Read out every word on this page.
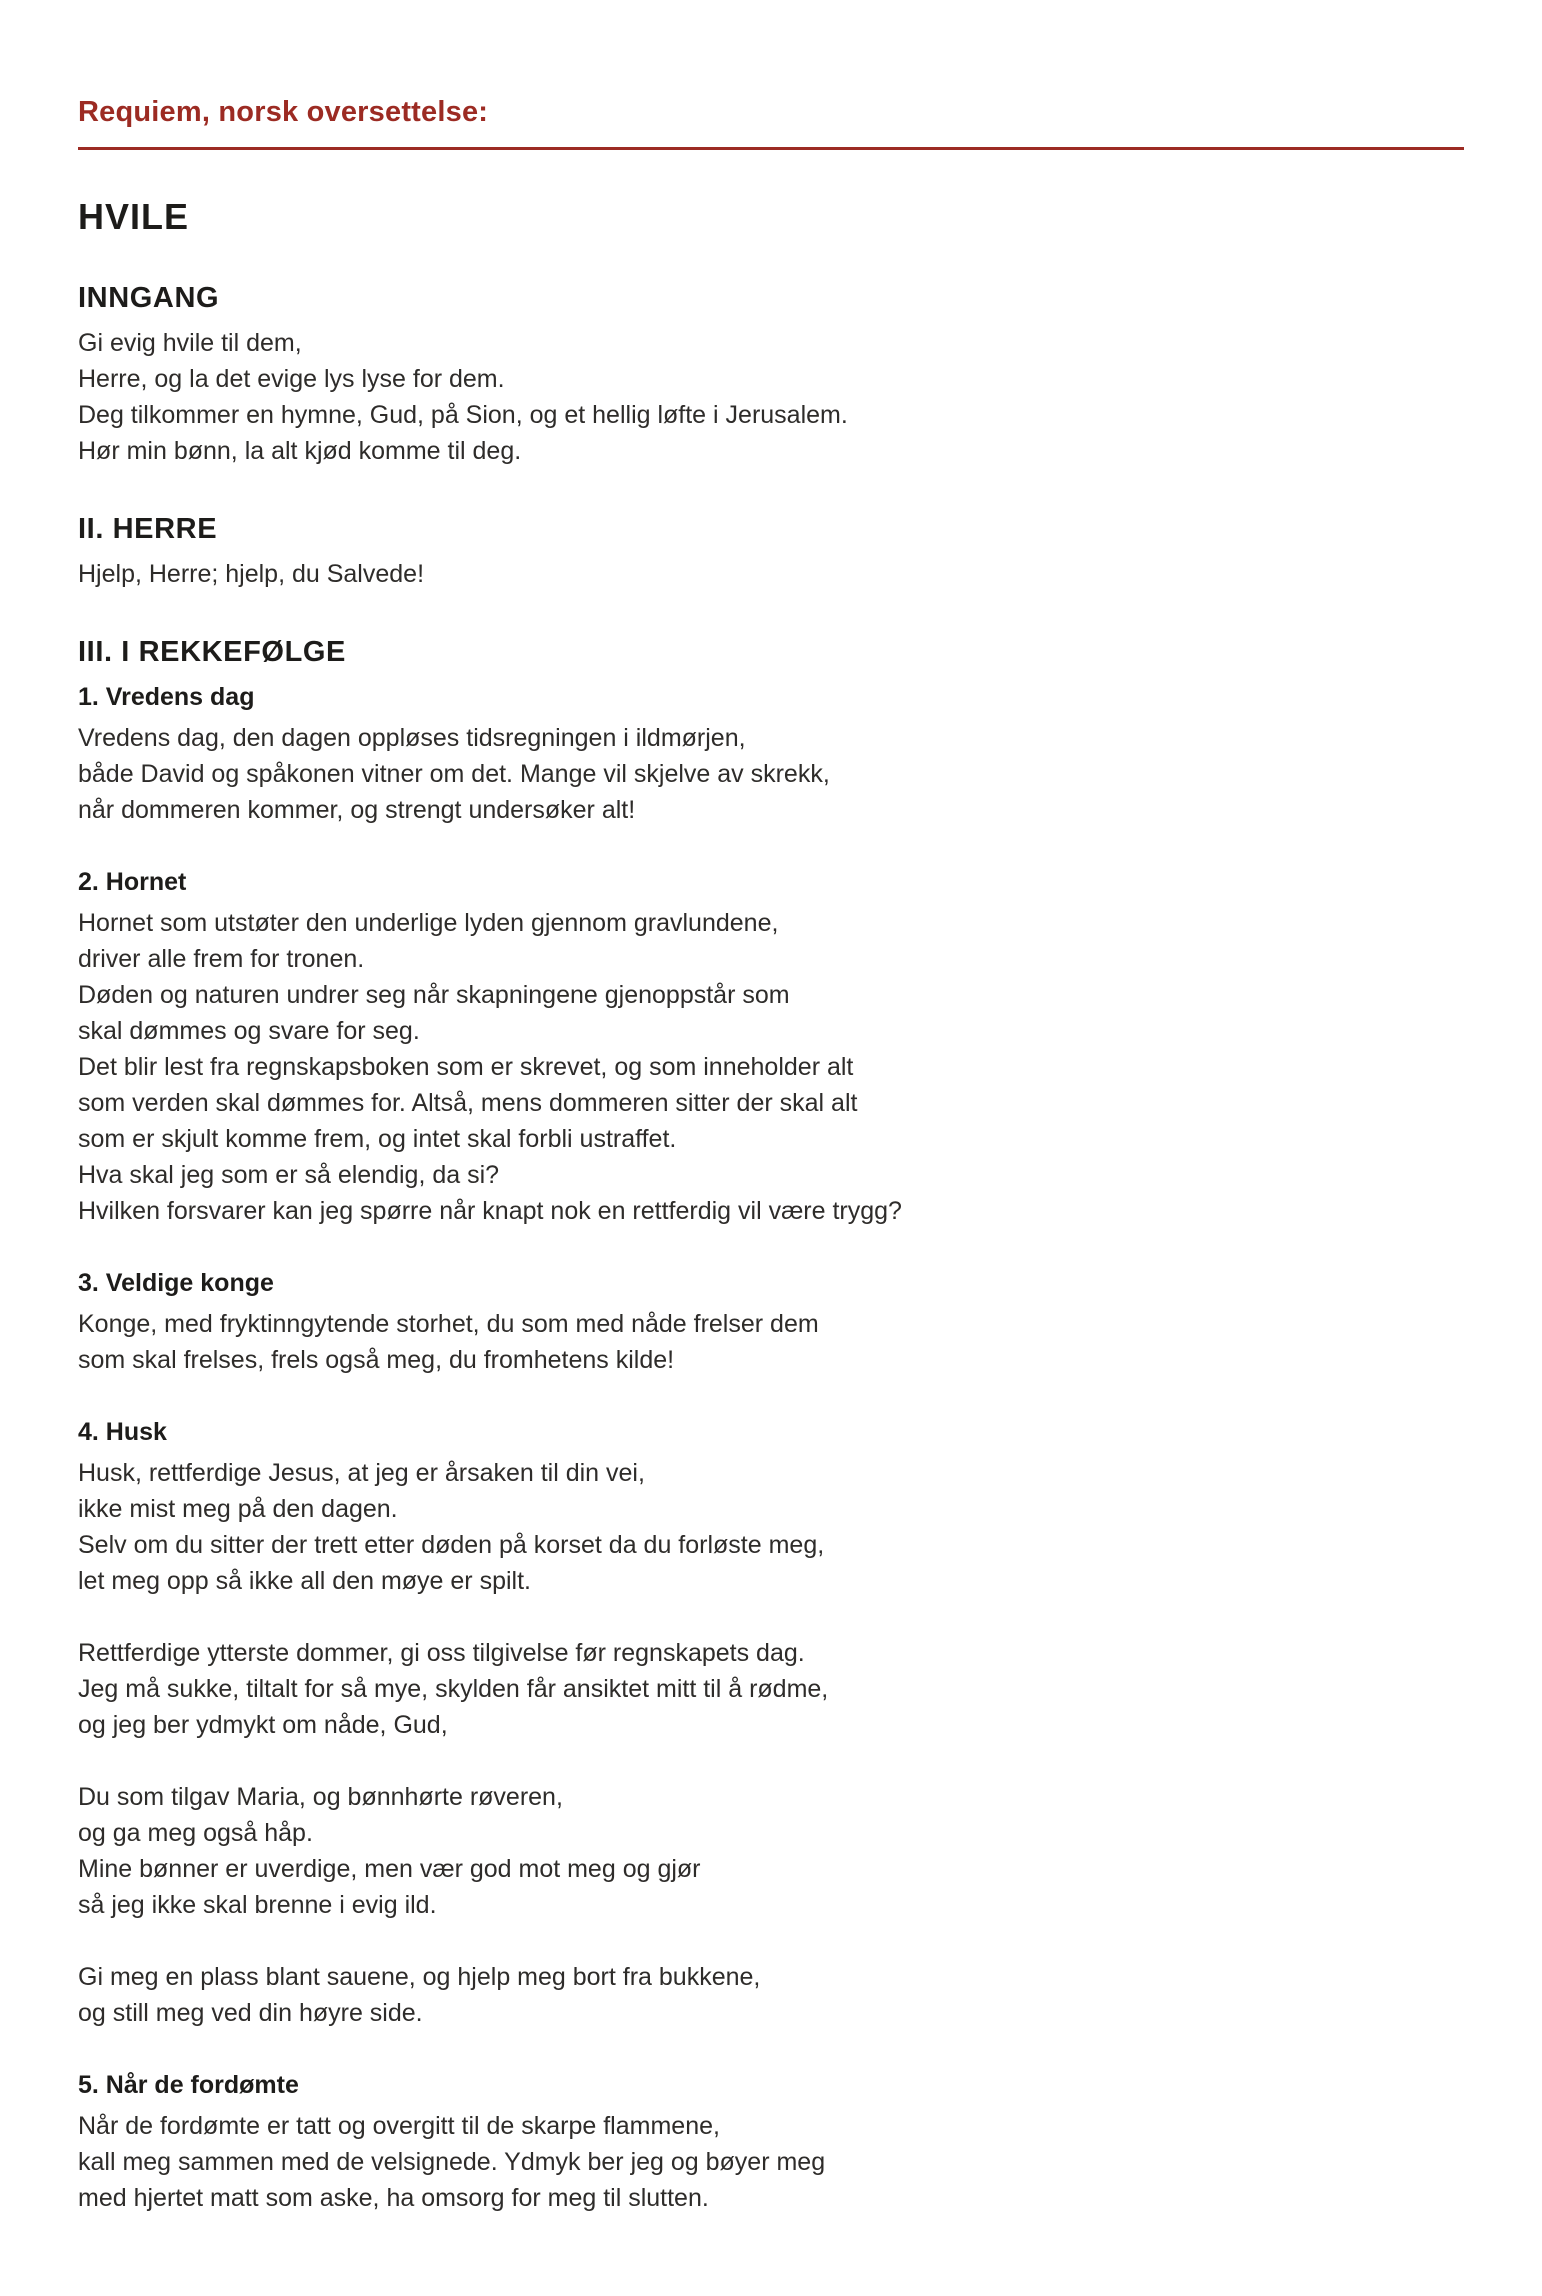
Requiem, norsk oversettelse:
HVILE
INNGANG
Gi evig hvile til dem,
Herre, og la det evige lys lyse for dem.
Deg tilkommer en hymne, Gud, på Sion, og et hellig løfte i Jerusalem.
Hør min bønn, la alt kjød komme til deg.
II. HERRE
Hjelp, Herre; hjelp, du Salvede!
III. I REKKEFØLGE
1. Vredens dag
Vredens dag, den dagen oppløses tidsregningen i ildmørjen,
både David og spåkonen vitner om det. Mange vil skjelve av skrekk,
når dommeren kommer, og strengt undersøker alt!
2. Hornet
Hornet som utstøter den underlige lyden gjennom gravlundene,
driver alle frem for tronen.
Døden og naturen undrer seg når skapningene gjenoppstår som
skal dømmes og svare for seg.
Det blir lest fra regnskapsboken som er skrevet, og som inneholder alt
som verden skal dømmes for. Altså, mens dommeren sitter der skal alt
som er skjult komme frem, og intet skal forbli ustraffet.
Hva skal jeg som er så elendig, da si?
Hvilken forsvarer kan jeg spørre når knapt nok en rettferdig vil være trygg?
3. Veldige konge
Konge, med fryktinngytende storhet, du som med nåde frelser dem
som skal frelses, frels også meg, du fromhetens kilde!
4. Husk
Husk, rettferdige Jesus, at jeg er årsaken til din vei,
ikke mist meg på den dagen.
Selv om du sitter der trett etter døden på korset da du forløste meg,
let meg opp så ikke all den møye er spilt.
Rettferdige ytterste dommer, gi oss tilgivelse før regnskapets dag.
Jeg må sukke, tiltalt for så mye, skylden får ansiktet mitt til å rødme,
og jeg ber ydmykt om nåde, Gud,
Du som tilgav Maria, og bønnhørte røveren,
og ga meg også håp.
Mine bønner er uverdige, men vær god mot meg og gjør
så jeg ikke skal brenne i evig ild.
Gi meg en plass blant sauene, og hjelp meg bort fra bukkene,
og still meg ved din høyre side.
5. Når de fordømte
Når de fordømte er tatt og overgitt til de skarpe flammene,
kall meg sammen med de velsignede. Ydmyk ber jeg og bøyer meg
med hjertet matt som aske, ha omsorg for meg til slutten.
